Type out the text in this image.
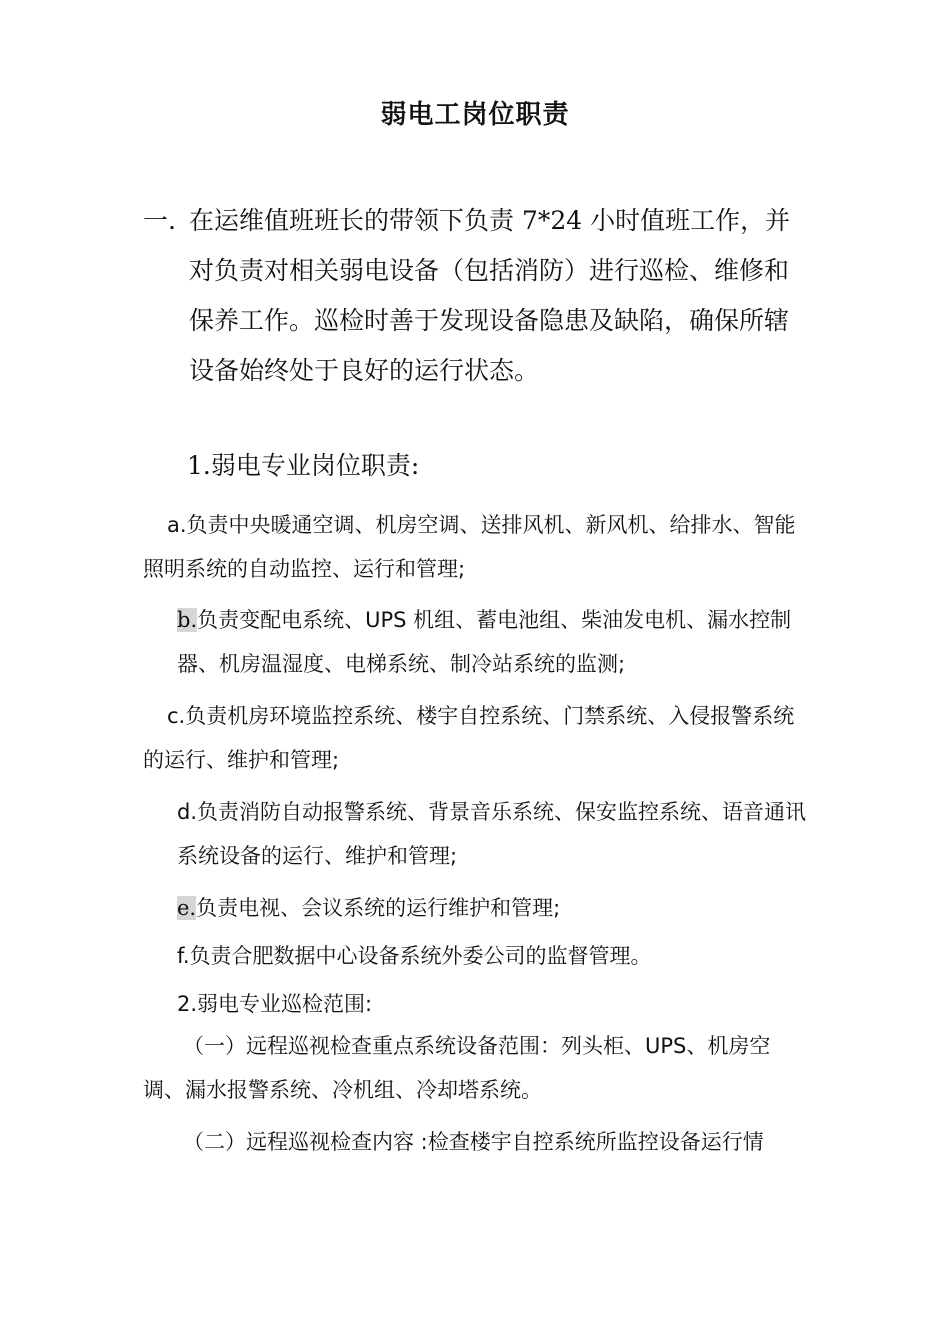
弱电工岗位职责
一. 在运维值班班长的带领下负责 7*24 小时值班工作，并对负责对相关弱电设备（包括消防）进行巡检、维修和保养工作。巡检时善于发现设备隐患及缺陷，确保所辖设备始终处于良好的运行状态。
1.弱电专业岗位职责:
a.负责中央暖通空调、机房空调、送排风机、新风机、给排水、智能照明系统的自动监控、运行和管理;
b.负责变配电系统、UPS 机组、蓄电池组、柴油发电机、漏水控制器、机房温湿度、电梯系统、制冷站系统的监测;
c.负责机房环境监控系统、楼宇自控系统、门禁系统、入侵报警系统的运行、维护和管理;
d.负责消防自动报警系统、背景音乐系统、保安监控系统、语音通讯系统设备的运行、维护和管理;
e.负责电视、会议系统的运行维护和管理;
f.负责合肥数据中心设备系统外委公司的监督管理。
2.弱电专业巡检范围:
（一）远程巡视检查重点系统设备范围：列头柜、UPS、机房空调、漏水报警系统、冷机组、冷却塔系统。
（二）远程巡视检查内容 :检查楼宇自控系统所监控设备运行情
